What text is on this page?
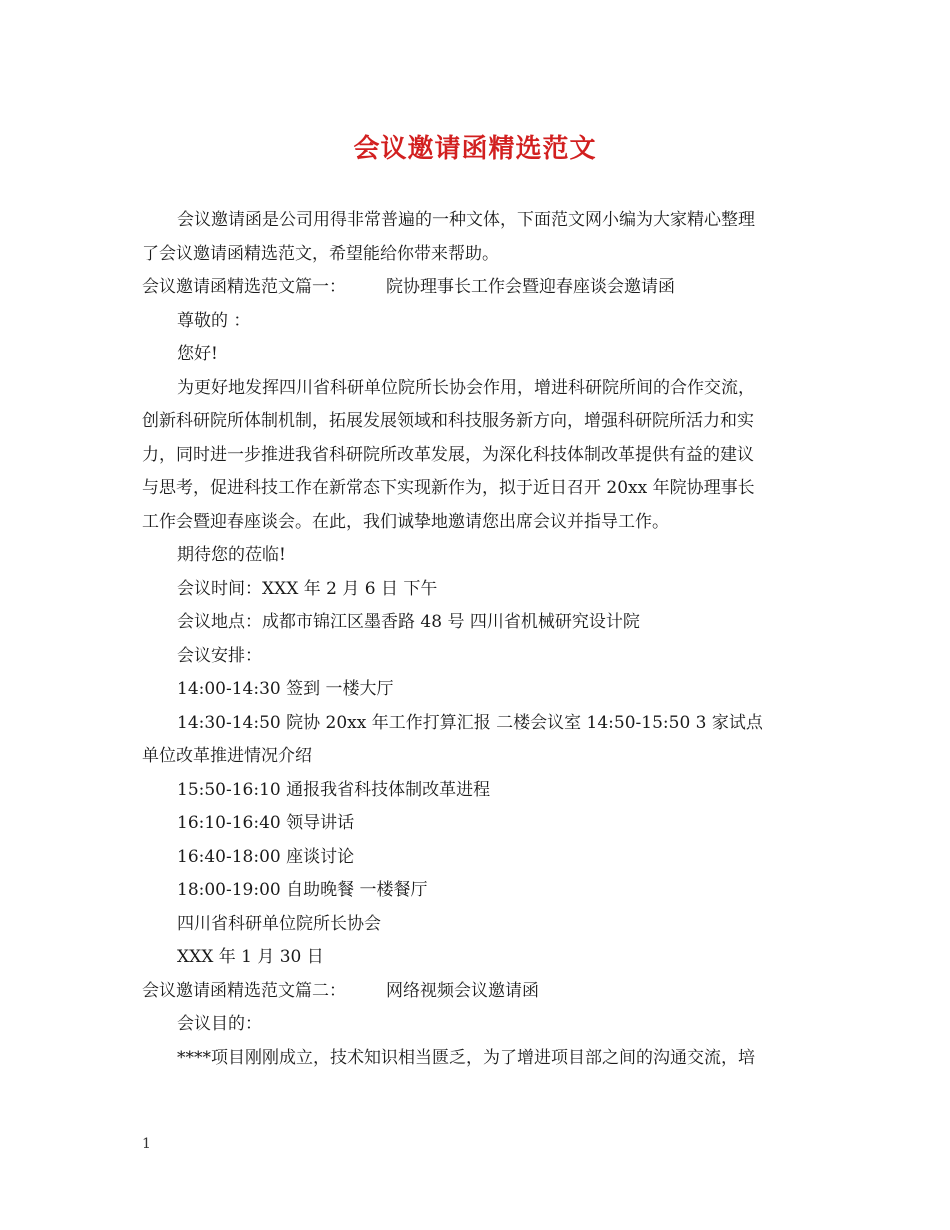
会议邀请函精选范文

会议邀请函是公司用得非常普遍的一种文体，下面范文网小编为大家精心整理

了会议邀请函精选范文，希望能给你带来帮助。

会议邀请函精选范文篇一： 院协理事长工作会暨迎春座谈会邀请函

尊敬的 ：

您好!

为更好地发挥四川省科研单位院所长协会作用，增进科研院所间的合作交流，

创新科研院所体制机制，拓展发展领域和科技服务新方向，增强科研院所活力和实

力，同时进一步推进我省科研院所改革发展，为深化科技体制改革提供有益的建议

与思考，促进科技工作在新常态下实现新作为，拟于近日召开 20xx 年院协理事长

工作会暨迎春座谈会。在此，我们诚挚地邀请您出席会议并指导工作。

期待您的莅临!

会议时间：XXX 年 2 月 6 日 下午

会议地点：成都市锦江区墨香路 48 号 四川省机械研究设计院

会议安排：

14:00-14:30 签到 一楼大厅

14:30-14:50 院协 20xx 年工作打算汇报 二楼会议室 14:50-15:50 3 家试点

单位改革推进情况介绍

15:50-16:10 通报我省科技体制改革进程

16:10-16:40 领导讲话

16:40-18:00 座谈讨论

18:00-19:00 自助晚餐 一楼餐厅

四川省科研单位院所长协会

XXX 年 1 月 30 日

会议邀请函精选范文篇二： 网络视频会议邀请函

会议目的：

****项目刚刚成立，技术知识相当匮乏，为了增进项目部之间的沟通交流，培

1
